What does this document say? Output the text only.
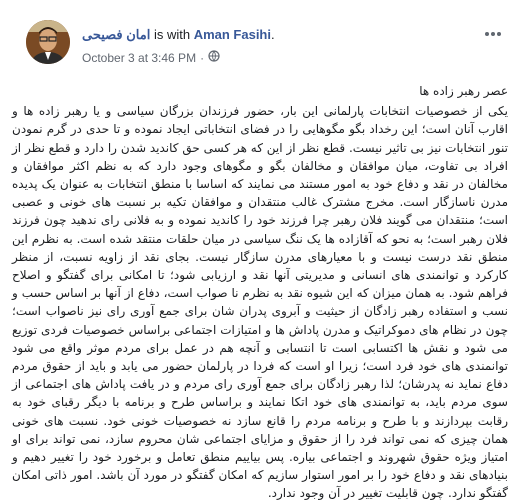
امان فصیحی is with Aman Fasihi.
October 3 at 3:46 PM ·

عصر رهبر زاده ها

یکی از خصوصیات انتخابات پارلمانی این بار، حضور فرزندان بزرگان سیاسی و یا رهبر زاده ها و اقارب آنان است؛ این رخداد بگو مگوهایی را در فضای انتخاباتی ایجاد نموده و تا حدی در گرم نمودن تنور انتخابات نیز بی تاثیر نیست. قطع نظر از این که هر کسی حق کاندید شدن را دارد و قطع نظر از افراد بی تفاوت، میان موافقان و مخالفان بگو و مگوهای وجود دارد که به نظم اکثر موافقان و مخالفان در نقد و دفاع خود به امور مستند می نمایند که اساسا با منطق انتخابات به عنوان یک پدیده مدرن ناسازگار است. مخرج مشترک غالب منتقدان و موافقان تکیه بر نسبت های خونی و عصبی است؛ منتقدان می گویند فلان رهبر چرا فرزند خود را کاندید نموده و به فلانی رای ندهید چون فرزند فلان رهبر است؛ به نحو که آقازاده ها یک ننگ سیاسی در میان حلقات منتقد شده است. به نظرم این منطق نقد درست نیست و با معیارهای مدرن سازگار نیست. بجای نقد از زاویه نسبت، از منظر کارکرد و توانمندی های انسانی و مدیریتی آنها نقد و ارزیابی شود؛ تا امکانی برای گفتگو و اصلاح فراهم شود. به همان میزان که این شیوه نقد به نظرم نا صواب است، دفاع از آنها بر اساس حسب و نسب و استفاده رهبر زادگان از حیثیت و آبروی پدران شان برای جمع آوری رای نیز ناصواب است؛ چون در نظام های دموکراتیک و مدرن پاداش ها و امتیازات اجتماعی براساس خصوصیات فردی توزیع می شود و نقش ها اکتسابی است تا انتسابی و آنچه هم در عمل برای مردم موثر واقع می شود توانمندی های خود فرد است؛ زیرا او است که فردا در پارلمان حضور می یابد و باید از حقوق مردم دفاع نماید نه پدرشان؛ لذا رهبر زادگان برای جمع آوری رای مردم و در یافت پاداش های اجتماعی از سوی مردم باید، به توانمندی های خود اتکا نمایند و براساس طرح و برنامه با دیگر رقبای خود به رقابت بپردازند و با طرح و برنامه مردم را قانع سازد نه خصوصیات خونی خود. نسبت های خونی همان چیزی که نمی تواند فرد را از حقوق و مزایای اجتماعی شان محروم سازد، نمی تواند برای او امتیاز ویژه حقوق شهروند و اجتماعی بیاره. پس بیاییم منطق تعامل و برخورد خود را تغییر دهیم و بنیادهای نقد و دفاع خود را بر امور استوار سازیم که امکان گفتگو در مورد آن باشد. امور ذاتی امکان گفتگو ندارد. چون قابلیت تغییر در آن وجود ندارد.
